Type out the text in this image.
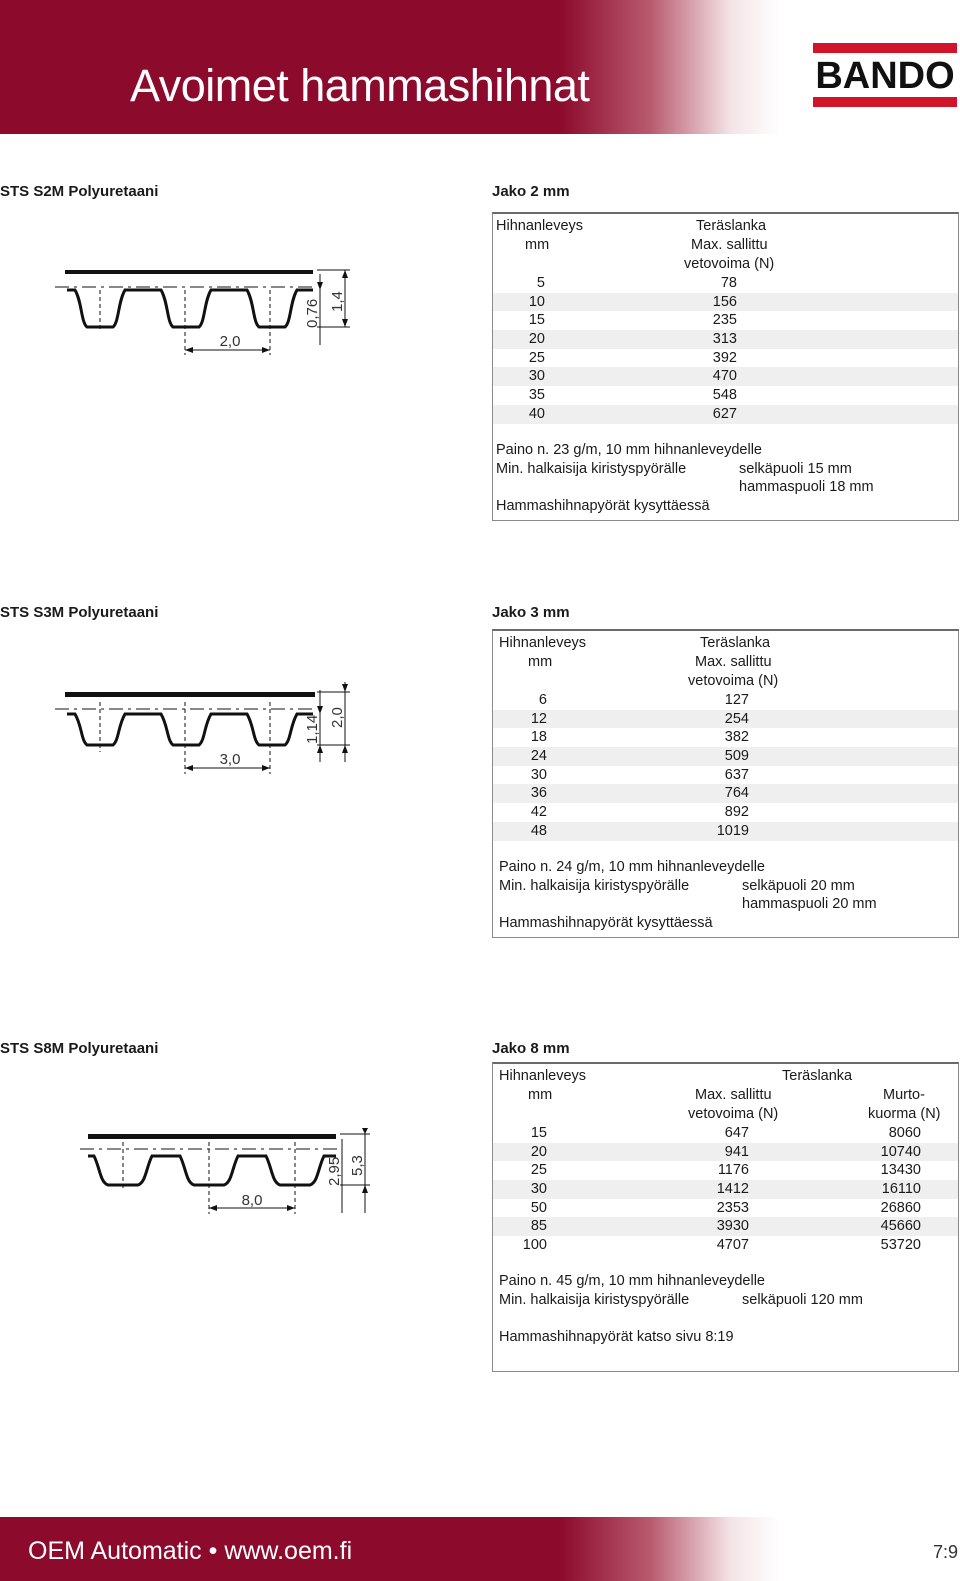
Avoimet hammashihnat	BANDO
STS S2M Polyuretaani	Jako 2 mm
2,0
0,76 1,4
Hihnanleveys
mm
Teräslanka
Max. sallittu
vetovoima (N)
5	78
10	156
15	235
20	313
25	392
30	470
35	548
40	627
Paino n. 23 g/m, 10 mm hihnanleveydelle
Min. halkaisija kiristyspyörälle	selkäpuoli 15 mm
hammaspuoli 18 mm
Hammashihnapyörät kysyttäessä
STS S3M Polyuretaani	Jako 3 mm
3,0
1,14 2,0
Hihnanleveys
mm
Teräslanka
Max. sallittu
vetovoima (N)
6	127
12	254
18	382
24	509
30	637
36	764
42	892
48	1019
Paino n. 24 g/m, 10 mm hihnanleveydelle
Min. halkaisija kiristyspyörälle	selkäpuoli 20 mm
hammaspuoli 20 mm
Hammashihnapyörät kysyttäessä
STS S8M Polyuretaani	Jako 8 mm
8,0
2,95 5,3
Hihnanleveys
mm
Teräslanka
Max. sallittu
vetovoima (N)
Murto-
kuorma (N)
15	647	8060
20	941	10740
25	1176	13430
30	1412	16110
50	2353	26860
85	3930	45660
100	4707	53720
Paino n. 45 g/m, 10 mm hihnanleveydelle
Min. halkaisija kiristyspyörälle	selkäpuoli 120 mm
Hammashihnapyörät katso sivu 8:19
OEM Automatic • www.oem.fi	7:9
